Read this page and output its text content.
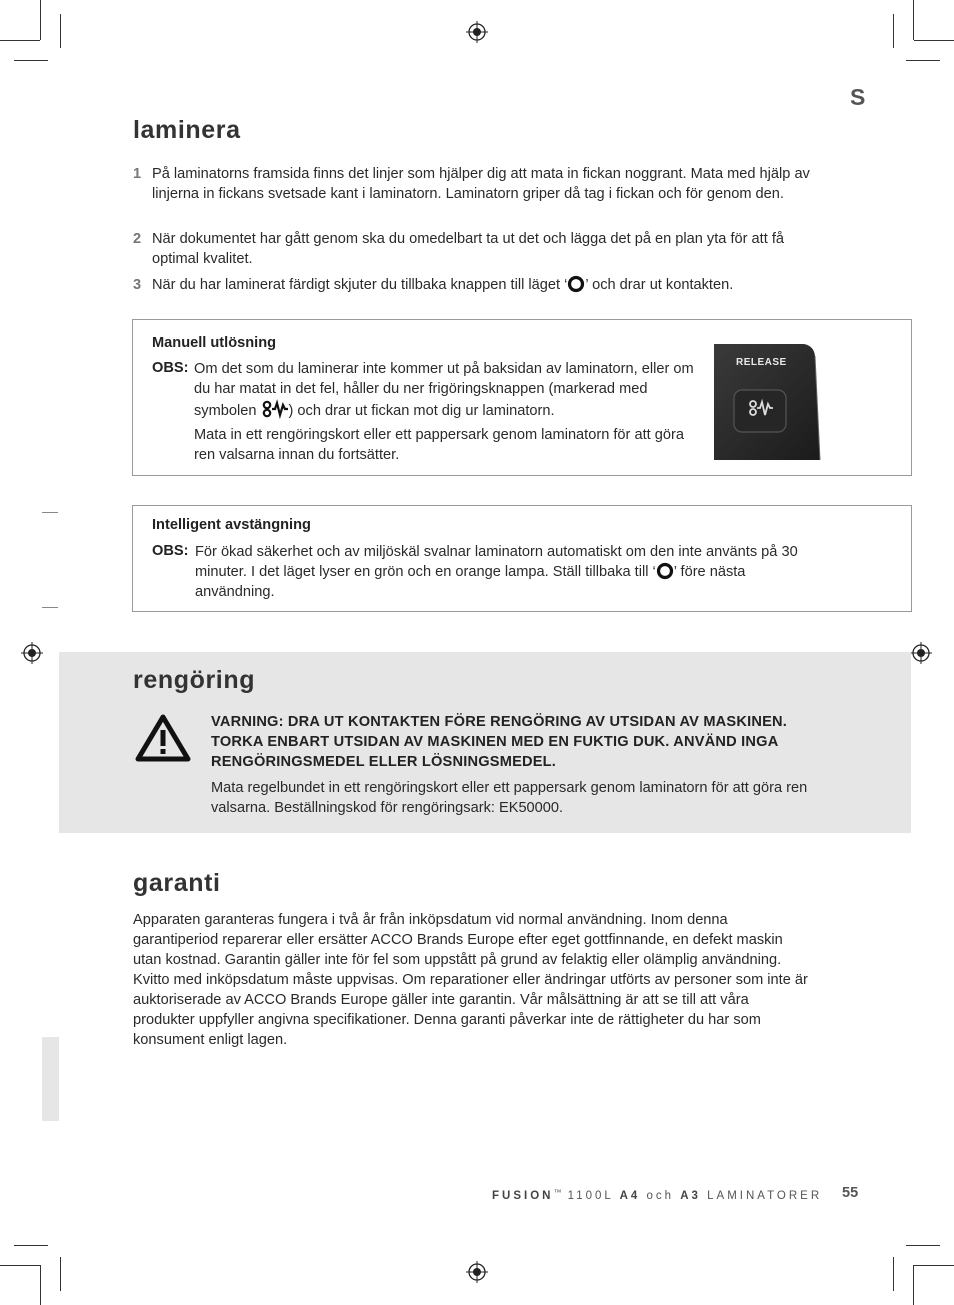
S
laminera
1 På laminatorns framsida finns det linjer som hjälper dig att mata in fickan noggrant. Mata med hjälp av linjerna in fickans svetsade kant i laminatorn. Laminatorn griper då tag i fickan och för genom den.
2 När dokumentet har gått genom ska du omedelbart ta ut det och lägga det på en plan yta för att få optimal kvalitet.
3 När du har laminerat färdigt skjuter du tillbaka knappen till läget ‘ ’ och drar ut kontakten.
Manuell utlösning
OBS: Om det som du laminerar inte kommer ut på baksidan av laminatorn, eller om du har matat in det fel, håller du ner frigöringsknappen (markerad med symbolen ) och drar ut fickan mot dig ur laminatorn.
Mata in ett rengöringskort eller ett pappersark genom laminatorn för att göra ren valsarna innan du fortsätter.
RELEASE
Intelligent avstängning
OBS: För ökad säkerhet och av miljöskäl svalnar laminatorn automatiskt om den inte använts på 30 minuter. I det läget lyser en grön och en orange lampa. Ställ tillbaka till ‘ ’ före nästa användning.
rengöring
VARNING: DRA UT KONTAKTEN FÖRE RENGÖRING AV UTSIDAN AV MASKINEN. TORKA ENBART UTSIDAN AV MASKINEN MED EN FUKTIG DUK. ANVÄND INGA RENGÖRINGSMEDEL ELLER LÖSNINGSMEDEL.
Mata regelbundet in ett rengöringskort eller ett pappersark genom laminatorn för att göra ren valsarna. Beställningskod för rengöringsark: EK50000.
garanti
Apparaten garanteras fungera i två år från inköpsdatum vid normal användning. Inom denna garantiperiod reparerar eller ersätter ACCO Brands Europe efter eget gottfinnande, en defekt maskin utan kostnad. Garantin gäller inte för fel som uppstått på grund av felaktig eller olämplig användning. Kvitto med inköpsdatum måste uppvisas. Om reparationer eller ändringar utförts av personer som inte är auktoriserade av ACCO Brands Europe gäller inte garantin. Vår målsättning är att se till att våra produkter uppfyller angivna specifikationer. Denna garanti påverkar inte de rättigheter du har som konsument enligt lagen.
FUSION™ 1100L A4 och A3 LAMINATORER 55
